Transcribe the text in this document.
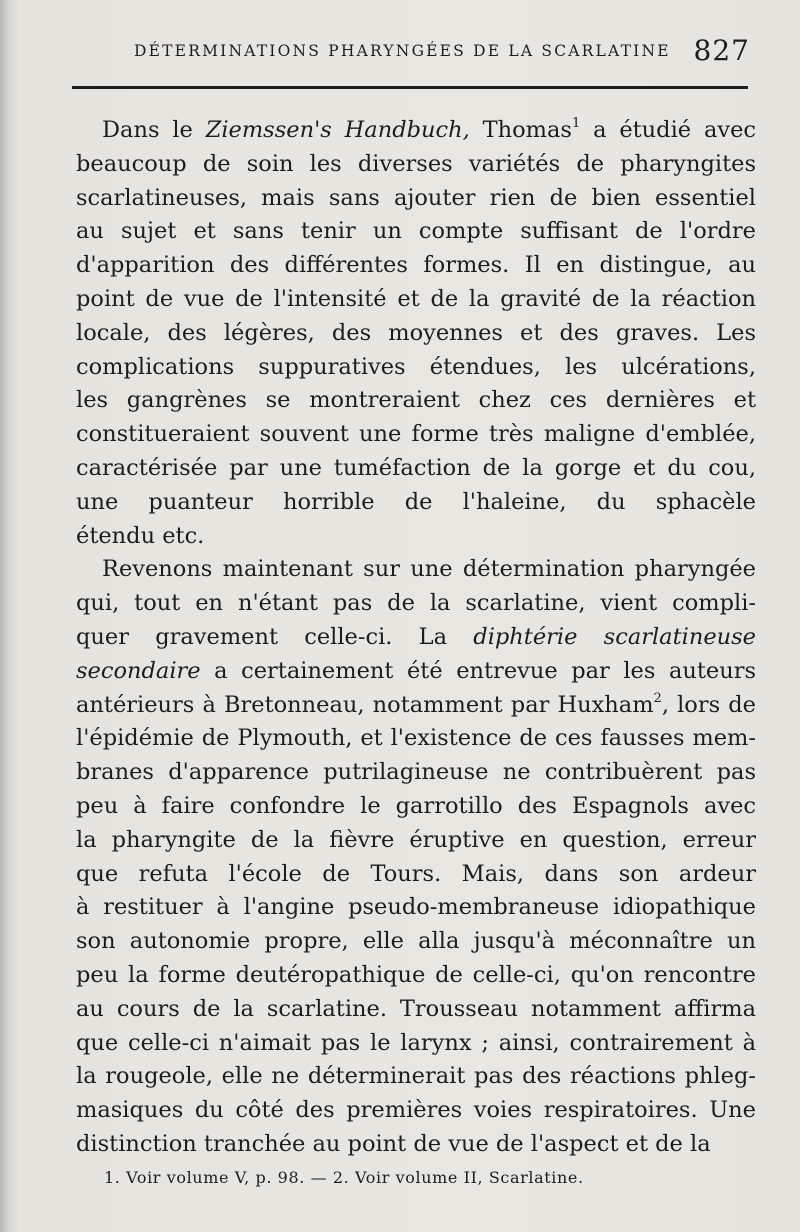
DÉTERMINATIONS PHARYNGÉES DE LA SCARLATINE 827
Dans le Ziemssen's Handbuch, Thomas$^1$ a étudié avec
beaucoup de soin les diverses variétés de pharyngites
scarlatineuses, mais sans ajouter rien de bien essentiel
au sujet et sans tenir un compte suffisant de l'ordre
d'apparition des différentes formes. Il en distingue, au
point de vue de l'intensité et de la gravité de la réaction
locale, des légères, des moyennes et des graves. Les
complications suppuratives étendues, les ulcérations,
les gangrènes se montreraient chez ces dernières et
constitueraient souvent une forme très maligne d'emblée,
caractérisée par une tuméfaction de la gorge et du cou,
une puanteur horrible de l'haleine, du sphacèle
étendu etc.
Revenons maintenant sur une détermination pharyngée
qui, tout en n'étant pas de la scarlatine, vient compli-
quer gravement celle-ci. La diphtérie scarlatineuse
secondaire a certainement été entrevue par les auteurs
antérieurs à Bretonneau, notamment par Huxham$^2$, lors de
l'épidémie de Plymouth, et l'existence de ces fausses mem-
branes d'apparence putrilagineuse ne contribuèrent pas
peu à faire confondre le garrotillo des Espagnols avec
la pharyngite de la fièvre éruptive en question, erreur
que refuta l'école de Tours. Mais, dans son ardeur
à restituer à l'angine pseudo-membraneuse idiopathique
son autonomie propre, elle alla jusqu'à méconnaître un
peu la forme deutéropathique de celle-ci, qu'on rencontre
au cours de la scarlatine. Trousseau notamment affirma
que celle-ci n'aimait pas le larynx ; ainsi, contrairement à
la rougeole, elle ne déterminerait pas des réactions phleg-
masiques du côté des premières voies respiratoires. Une
distinction tranchée au point de vue de l'aspect et de la
1. Voir volume V, p. 98. — 2. Voir volume II, Scarlatine.
